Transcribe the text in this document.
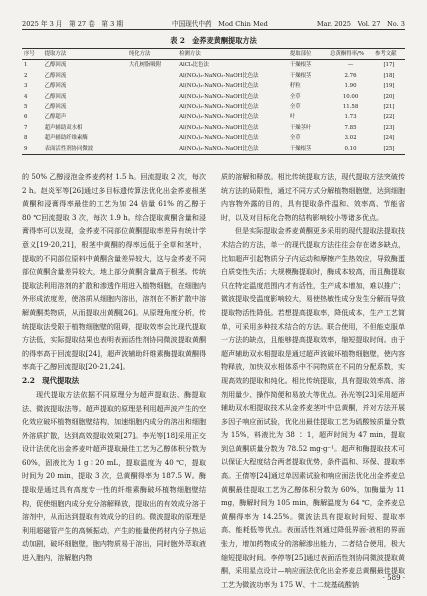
2025 年 3 月　第 27 卷　第 3 期	中国现代中药　Mod Chin Med	Mar. 2025　Vol. 27　No. 3
表 2　金荞麦黄酮提取方法
序号	提取方法	纯化方法	检测方法	提取部位	总黄酮得率/%	参考文献
1	乙醇回流	大孔树脂吸附	AlCl₃比色法	干燥根茎	—	[17]
2	乙醇回流		Al(NO₃)₃-NaNO₂-NaOH比色法	干燥根茎	2.76	[18]
3	乙醇回流		Al(NO₃)₃-NaNO₂-NaOH比色法	籽粒	1.90	[19]
4	乙醇回流		Al(NO₃)₃-NaNO₂-NaOH比色法	全草	10.00	[20]
5	乙醇回流		Al(NO₃)₃-NaNO₂-NaOH比色法	全草	11.58	[21]
6	乙醇超声		Al(NO₃)₃-NaNO₂-NaOH比色法	叶	1.73	[22]
7	超声辅助双水相		Al(NO₃)₃-NaNO₂-NaOH比色法	干燥茎叶	7.85	[23]
8	超声辅助纤维素酶		Al(NO₃)₃-NaNO₂-NaOH比色法	全草	3.02	[24]
9	表面活性剂协同微波		Al(NO₃)₃-NaNO₂-NaOH比色法	干燥根茎	0.10	[25]

的 50% 乙醇浸泡金荞麦药材 1.5 h。回流提取 2 次，每次 2 h。赵炎军等[26]通过多目标遗传算法优化出金荞麦根茎黄酮和浸膏得率最佳的工艺为加 24 倍量 61% 的乙醇于 80 ℃回流提取 3 次，每次 1.9 h。综合提取黄酮含量和浸膏得率可以发现，金荞麦不同部位黄酮提取率差异有统计学意义[19-20,21]，根茎中黄酮的得率远低于全草和茎叶，提取的不同部位原料中黄酮含量差异较大，这与金荞麦不同部位黄酮含量差异较大，地上部分黄酮含量高于根茎。传统提取法利用溶剂的扩散和渗透作用进入植物细胞，在细胞内外形成浓度差，使溶质从细胞内溶出，溶剂在不断扩散中溶解黄酮类物质，从而提取出黄酮[26]。从原理角度分析，传统提取法受限于植物细胞壁的阻碍，提取效率会比现代提取方法低，实际提取结果也表明表面活性剂协同微波提取黄酮的得率高于回流提取[24]，超声波辅助纤维素酶提取黄酮得率高于乙醇回流提取[20-21,24]。

2.2　现代提取法

现代提取方法依据不同原理分为超声提取法、酶提取法、微波提取法等。超声提取的原理是利用超声波产生的空化效应破坏植物细胞壁结构，加速细胞内成分的溶出和细胞外溶质扩散，达到高效提取效果[27]。李光等[18]采用正交设计法优化出金荞麦叶超声提取最佳工艺为乙醇体积分数为 60%，固液比为 1 g ∶ 20 mL，提取温度为 40 ℃，提取时间为 20 min，提取 3 次，总黄酮得率为 187.5 W。酶提取是通过具有高度专一性的纤维素酶破坏植物细胞壁结构，促使细胞内成分充分溶解释放，提取出的有效成分溶于溶剂中，从而达到提取有效成分的目的。微波提取的原理是利用超磁管产生的高频振动，产生的能量使药材内分子热运动加剧，破坏细胞壁，胞内物质易于溶出，同时胞外萃取液进入胞内，溶解胞内物

质的溶解和释放。相比传统提取方法，现代提取方法突破传统方法的局限性，通过不同方式分解植物细胞壁，达到细胞内容物外露的目的，具有提取条件温和、效率高、节能省时，以及对目标化合物的结构影响较小等诸多优点。

但是实际提取金荞麦黄酮更多采用的现代提取法提取技术结合的方法，单一的现代提取方法往往会存在诸多缺点，比如超声引起物质分子内运动和摩擦产生热效应，导致酶蛋白质变性失活；大规模酶提取时，酶成本较高，而且酶提取只在特定温度范围内才有活性，生产成本增加，难以推广；微波提取受温度影响较大，易使热敏性成分发生分解而导致提取物活性降低。若想提高提取率，降低成本，生产工艺简单，可采用多种技术结合的方法。联合使用，不但能克服单一方法的缺点，且能够提高提取效率，缩短提取时间。由于超声辅助双水相提取是通过超声波破坏植物细胞壁，使内容物释放，加快双水相体系中不同物质在不同的分配系数，实现高效的提取和纯化。相比传统提取，具有提取效率高、溶剂用量少、操作简便和易放大等优点。孙光等[23]采用超声辅助双水相提取技术从金荞麦茎叶中总黄酮，并对方法开展多因子响应面试验，优化出最佳提取工艺为硫酸铵质量分数为 15%，料液比为 38 ∶ 1，超声时间为 47 min，提取到总黄酮质量分数为 78.52 mg·g⁻¹。超声和酶提取技术可以保证大程度结合两者提取优势，条件温和、环保、提取率高。王倩等[24]通过单因素试验和响应面法优化出金荞麦总黄酮最佳提取工艺为乙醇体积分数为 60%，加酶量为 11 mg，酶解时间为 105 min，酶解温度为 64 ℃，金荞麦总黄酮得率为 14.25%。微波法具有提取时间短、提取率高、能耗低等优点。表面活性剂通过降低界面-液相的界面张力，增加药物成分的溶解渗出能力，二者结合使用，极大缩短提取时间。李停等[25]通过表面活性剂协同微波提取黄酮，采用星点设计—响应面法优化出金荞麦总黄酮最佳提取工艺为微波功率为 175 W、十二烷基硫酸钠

· 589 ·
